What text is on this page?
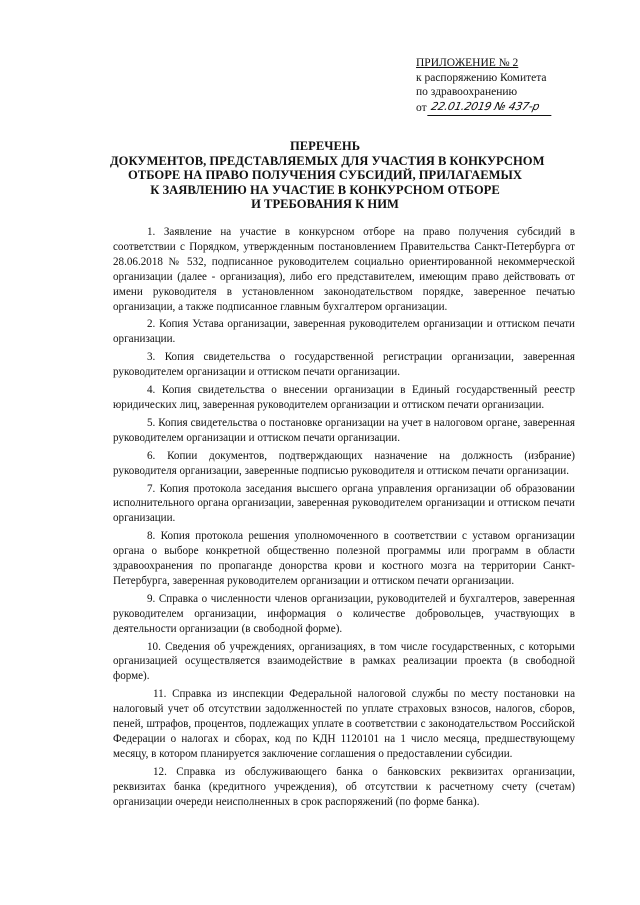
ПРИЛОЖЕНИЕ № 2
к распоряжению Комитета
по здравоохранению
от 22.01.2019 № 437-р
ПЕРЕЧЕНЬ
ДОКУМЕНТОВ, ПРЕДСТАВЛЯЕМЫХ ДЛЯ УЧАСТИЯ В КОНКУРСНОМ
ОТБОРЕ НА ПРАВО ПОЛУЧЕНИЯ СУБСИДИЙ, ПРИЛАГАЕМЫХ
К ЗАЯВЛЕНИЮ НА УЧАСТИЕ В КОНКУРСНОМ ОТБОРЕ
И ТРЕБОВАНИЯ К НИМ

1. Заявление на участие в конкурсном отборе на право получения субсидий в соответствии с Порядком, утвержденным постановлением Правительства Санкт-Петербурга от 28.06.2018 № 532, подписанное руководителем социально ориентированной некоммерческой организации (далее - организация), либо его представителем, имеющим право действовать от имени руководителя в установленном законодательством порядке, заверенное печатью организации, а также подписанное главным бухгалтером организации.

2. Копия Устава организации, заверенная руководителем организации и оттиском печати организации.

3. Копия свидетельства о государственной регистрации организации, заверенная руководителем организации и оттиском печати организации.

4. Копия свидетельства о внесении организации в Единый государственный реестр юридических лиц, заверенная руководителем организации и оттиском печати организации.

5. Копия свидетельства о постановке организации на учет в налоговом органе, заверенная руководителем организации и оттиском печати организации.

6. Копии документов, подтверждающих назначение на должность (избрание) руководителя организации, заверенные подписью руководителя и оттиском печати организации.

7. Копия протокола заседания высшего органа управления организации об образовании исполнительного органа организации, заверенная руководителем организации и оттиском печати организации.

8. Копия протокола решения уполномоченного в соответствии с уставом организации органа о выборе конкретной общественно полезной программы или программ в области здравоохранения по пропаганде донорства крови и костного мозга на территории Санкт-Петербурга, заверенная руководителем организации и оттиском печати организации.

9. Справка о численности членов организации, руководителей и бухгалтеров, заверенная руководителем организации, информация о количестве добровольцев, участвующих в деятельности организации (в свободной форме).

10. Сведения об учреждениях, организациях, в том числе государственных, с которыми организацией осуществляется взаимодействие в рамках реализации проекта (в свободной форме).

11. Справка из инспекции Федеральной налоговой службы по месту постановки на налоговый учет об отсутствии задолженностей по уплате страховых взносов, налогов, сборов, пеней, штрафов, процентов, подлежащих уплате в соответствии с законодательством Российской Федерации о налогах и сборах, код по КДН 1120101 на 1 число месяца, предшествующему месяцу, в котором планируется заключение соглашения о предоставлении субсидии.

12. Справка из обслуживающего банка о банковских реквизитах организации, реквизитах банка (кредитного учреждения), об отсутствии к расчетному счету (счетам) организации очереди неисполненных в срок распоряжений (по форме банка).
